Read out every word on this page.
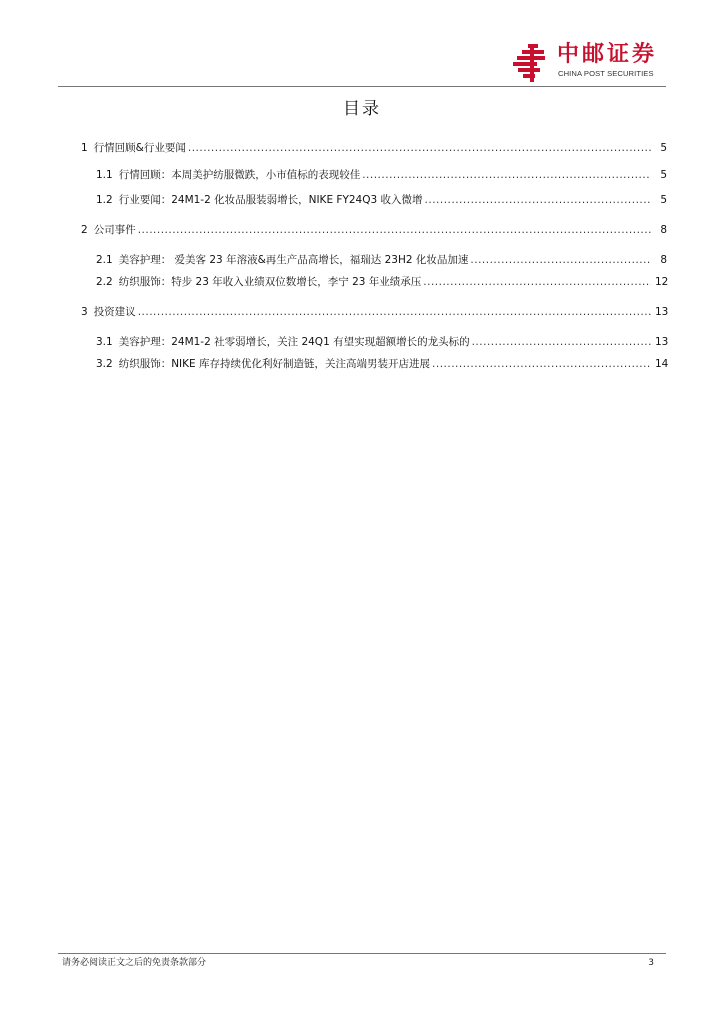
中邮证券
CHINA POST SECURITIES
目录
1 行情回顾&行业要闻 .....	5
1.1 行情回顾：本周美护纺服微跌，小市值标的表现较佳 .....	5
1.2 行业要闻：24M1-2 化妆品服装弱增长，NIKE FY24Q3 收入微增 .....	5
2 公司事件 .....	8
2.1 美容护理： 爱美客 23 年溶液&再生产品高增长，福瑞达 23H2 化妆品加速 .....	8
2.2 纺织服饰：特步 23 年收入业绩双位数增长，李宁 23 年业绩承压 .....	12
3 投资建议 .....	13
3.1 美容护理：24M1-2 社零弱增长，关注 24Q1 有望实现超额增长的龙头标的 .....	13
3.2 纺织服饰：NIKE 库存持续优化利好制造链，关注高端男装开店进展 .....	14
请务必阅读正文之后的免责条款部分	3
